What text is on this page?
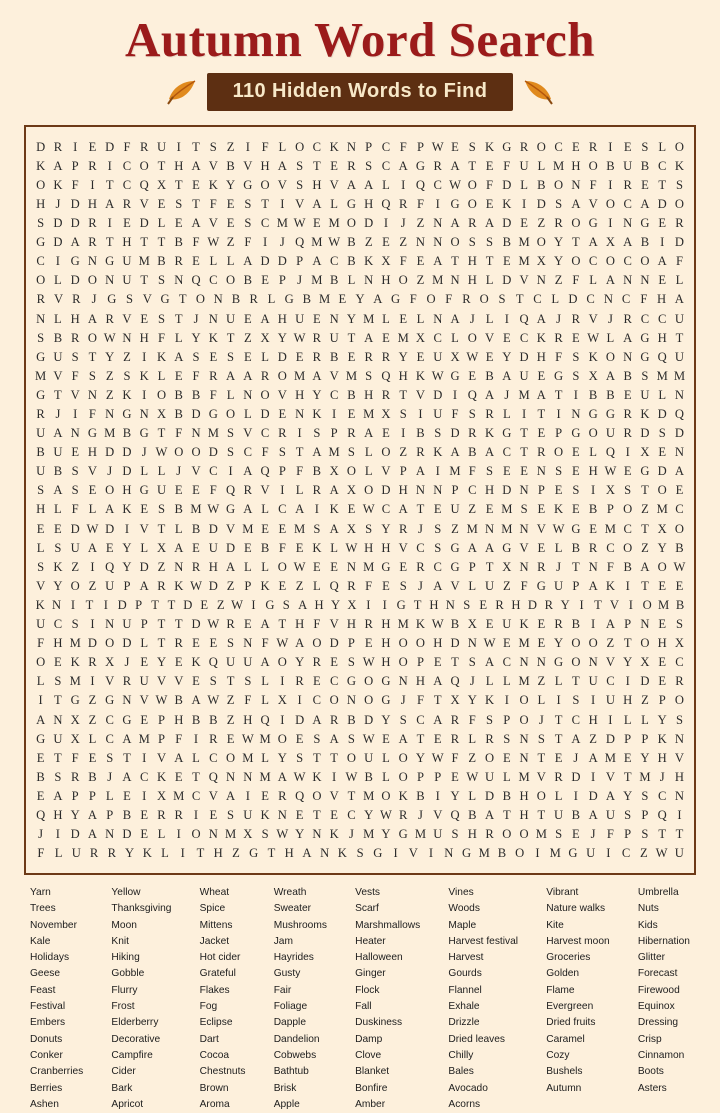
Autumn Word Search
110 Hidden Words to Find
D R I E D F R U I T S Z I F L O C K N P C F P W E S K G R O C E R I E S L O
K A P R I C O T H A V B V H A S T E R S C A G R A T E F U L M H O B U B C K
O K F I T C Q X T E K Y G O V S H V A A L I Q C W O F D L B O N F I R E T S
H J D H A R V E S T F E S T I V A L G H Q R F I G O E K I D S A V O C A D O
S D D R I E D L E A V E S C M W E M O D I	J Z N A R A D E Z R O G I N G E R
G D A R T H T T B F W Z F I	J Q M W B Z E Z N N O S S B M O Y T A X A B I D
C I G N G U M B R E L L A D D P A C B K X F E A T H T E M X Y O C O C O A F
O L D O N U T S N Q C O B E P J M B L N H O Z M N H L D V N Z F L A N N E L
R V R J G S V G T O N B R L G B M E Y A G F O F R O S T C L D C N C F H A
N L H A R V E S T J N U E A H U E N Y M L E L N A J L I Q A J R V J R C C U
S B R O W N H F L Y K T Z X Y W R U T A E M X C L O V E C K R E W L A G H T
G U S T Y Z I K A S E S E L D E R B E R R Y E U X W E Y D H F S K O N G Q U
M V F S Z S K L E F R A A R O M A V M S Q H K W G E B A U E G S X A B S M M
G T V N Z K I O B B F L N O V H Y C B H R T V D I Q A J M A T I B B E U L N
R J	I F N G N X B D G O L D E N K I E M X S I U F S R L I T I N G G R K D Q
U A N G M B G T F N M S V C R I S P R A E I B S D R K G T E P G O U R D S D
B U E H D D J W O O D S C F S T A M S L O Z R K A B A C T R O E L Q I X E N
U B S V J D L L J V C I A Q P F B X O L V P A I M F S E E N S E H W E G D A
S A S E O H G U E E F Q R V I L R A X O D H N N P C H D N P E S I X S T O E
H L F L A K E S B M W G A L C A I K E W C A T E U Z E M S E K E B P O Z M C
E E D W D I V T L B D V M E E M S A X S Y R J S Z M N M N V W G E M C T X O
L S U A E Y L X A E U D E B F E K L W H H V C S G A A G V E L B R C O Z Y B
S K Z I Q Y D Z N R H A L L O W E E N M G E R C G P T X N R J T N F B A O W
V Y O Z U P A R K W D Z P K E Z L Q R F E S J A V L U Z F G U P A K I T E E
K N I T I D P T T D E Z W I G S A H Y X I I G T H N S E R H D R Y I T V I O M B
U C S I N U P T T D W R E A T H F V H R H M K W B X E U K E R B I A P N E S
F H M D O D L T R E E S N F W A O D P E H O O H D N W E M E Y O O Z T O H X
O E K R X J E Y E K Q U U A O Y R E S W H O P E T S A C N N G O N V Y X E C
L S M I V R U V V E S T S L I R E C G O G N H A Q J L L M Z L T U C I D E R
I T G Z G N V W B A W Z F L X I C O N O G J F T X Y K I O L I S I U H Z P O
A N X Z C G E P H B B Z H Q I D A R B D Y S C A R F S P O J T C H I L L Y S
G U X L C A M P F I R E W M O E S A S W E A T E R L R S N S T A Z D P P K N
E T F E S T I V A L C O M L Y S T T O U L O Y W F Z O E N T E J A M E Y H V
B S R B J A C K E T Q N N M A W K I W B L O P P E W U L M V R D I V T M J H
E A P P L E I X M C V A I E R Q O V T M O K B I Y L D B H O L I D A Y S C N
Q H Y A P B E R R I E S U K N E T E C Y W R J V Q B A T H T U B A U S P Q I
J	I D A N D E L I O N M X S W Y N K J M Y G M U S H R O O M S E J F P S T T
F L U R R Y K L I T H Z G T H A N K S G I V I N G M B O I M G U I C Z W U
Yarn
Trees
November
Kale
Holidays
Geese
Feast
Festival
Embers
Donuts
Conker
Cranberries
Berries
Ashen
Yellow
Thanksgiving
Moon
Knit
Hiking
Gobble
Flurry
Frost
Elderberry
Decorative
Campfire
Cider
Bark
Apricot
Wheat
Spice
Mittens
Jacket
Hot cider
Grateful
Flakes
Fog
Eclipse
Dart
Cocoa
Chestnuts
Brown
Aroma
Wreath
Sweater
Mushrooms
Jam
Hayrides
Gusty
Fair
Foliage
Dapple
Dandelion
Cobwebs
Bathtub
Brisk
Apple
Vests
Scarf
Marshmallows
Heater
Halloween
Ginger
Flock
Fall
Duskiness
Damp
Clove
Blanket
Bonfire
Amber
Vines
Woods
Maple
Harvest festival
Harvest
Gourds
Flannel
Exhale
Drizzle
Dried leaves
Chilly
Bales
Avocado
Acorns
Vibrant
Nature walks
Kite
Harvest moon
Groceries
Golden
Flame
Evergreen
Dried fruits
Caramel
Cozy
Bushels
Autumn
Umbrella
Nuts
Kids
Hibernation
Glitter
Forecast
Firewood
Equinox
Dressing
Crisp
Cinnamon
Boots
Asters
